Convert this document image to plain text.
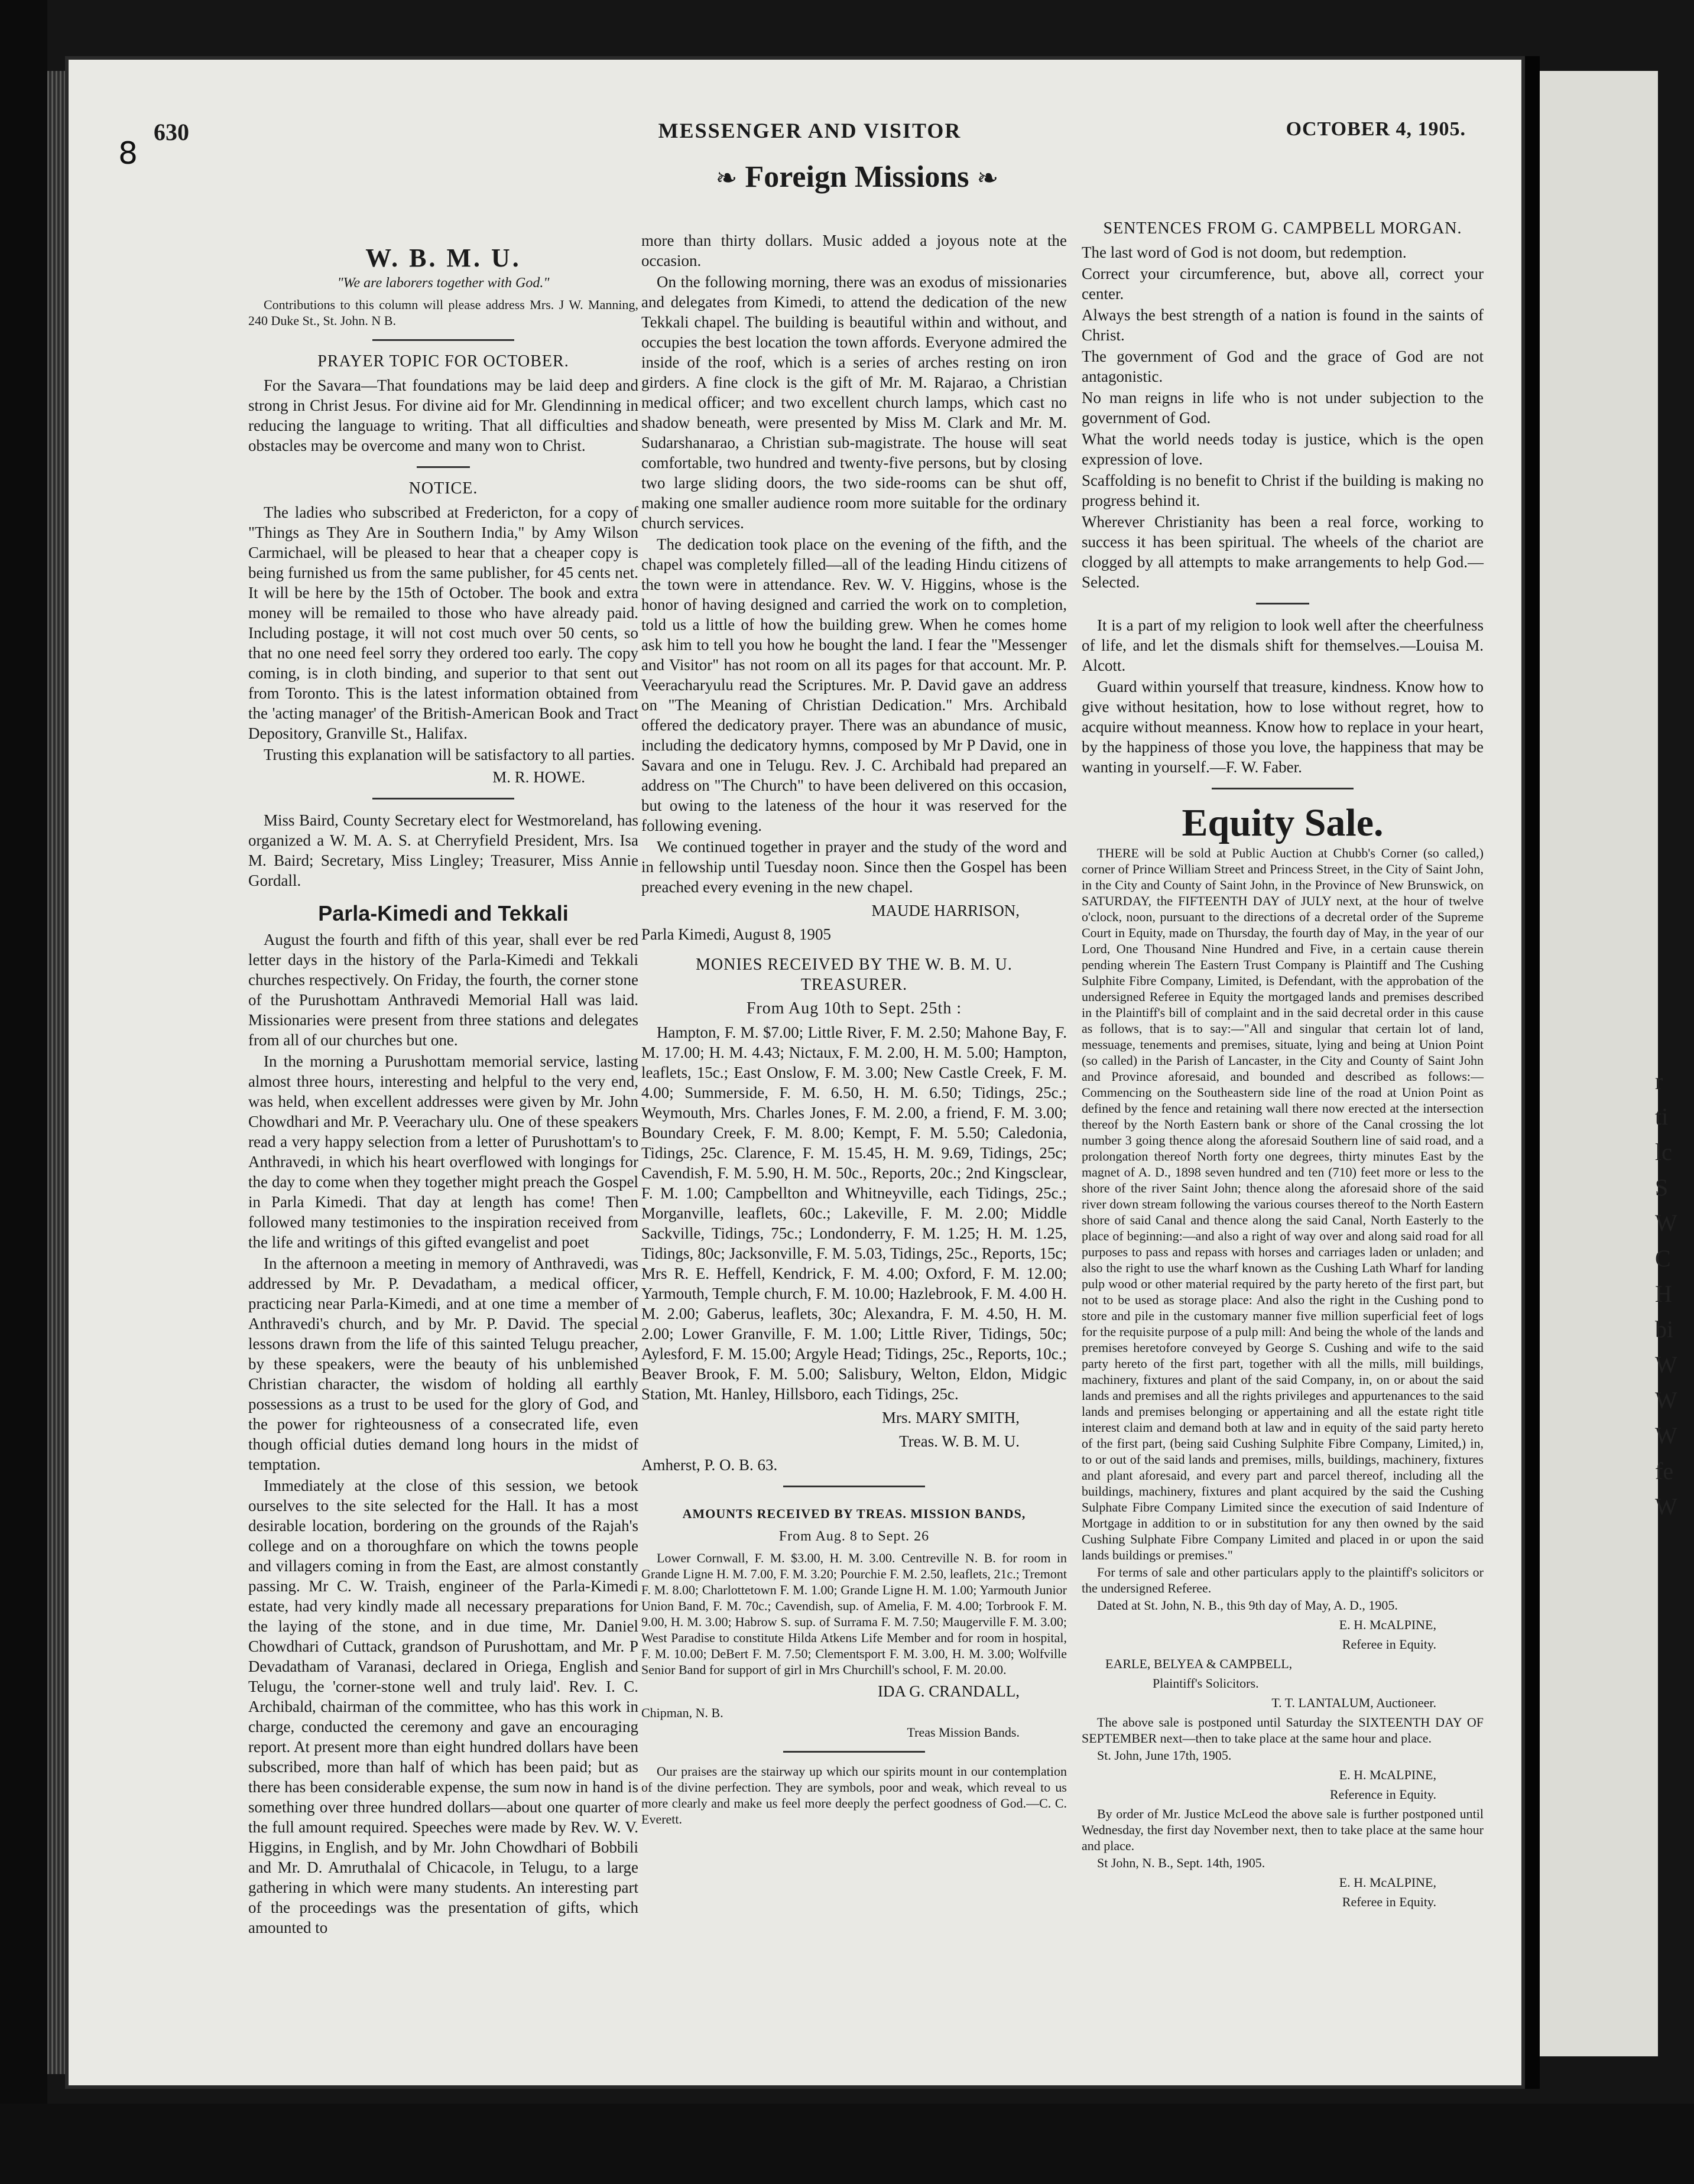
r
ti
lc
S
W
C
H
bi
W
W
W
fe
W
8
630	MESSENGER AND VISITOR	OCTOBER 4, 1905.
❧ Foreign Missions ❧
W. B. M. U.
"We are laborers together with God."

Contributions to this column will please address Mrs. J W. Manning, 240 Duke St., St. John. N B.

PRAYER TOPIC FOR OCTOBER.

For the Savara—That foundations may be laid deep and strong in Christ Jesus. For divine aid for Mr. Glendinning in reducing the language to writing. That all difficulties and obstacles may be overcome and many won to Christ.

NOTICE.

The ladies who subscribed at Fredericton, for a copy of "Things as They Are in Southern India," by Amy Wilson Carmichael, will be pleased to hear that a cheaper copy is being furnished us from the same publisher, for 45 cents net. It will be here by the 15th of October. The book and extra money will be remailed to those who have already paid. Including postage, it will not cost much over 50 cents, so that no one need feel sorry they ordered too early. The copy coming, is in cloth binding, and superior to that sent out from Toronto. This is the latest information obtained from the 'acting manager' of the British-American Book and Tract Depository, Granville St., Halifax.

Trusting this explanation will be satisfactory to all parties.

M. R. HOWE.

Miss Baird, County Secretary elect for Westmoreland, has organized a W. M. A. S. at Cherryfield President, Mrs. Isa M. Baird; Secretary, Miss Lingley; Treasurer, Miss Annie Gordall.

Parla-Kimedi and Tekkali

August the fourth and fifth of this year, shall ever be red letter days in the history of the Parla-Kimedi and Tekkali churches respectively. On Friday, the fourth, the corner stone of the Purushottam Anthravedi Memorial Hall was laid. Missionaries were present from three stations and delegates from all of our churches but one.

In the morning a Purushottam memorial service, lasting almost three hours, interesting and helpful to the very end, was held, when excellent addresses were given by Mr. John Chowdhari and Mr. P. Veerachary ulu. One of these speakers read a very happy selection from a letter of Purushottam's to Anthravedi, in which his heart overflowed with longings for the day to come when they together might preach the Gospel in Parla Kimedi. That day at length has come! Then followed many testimonies to the inspiration received from the life and writings of this gifted evangelist and poet

In the afternoon a meeting in memory of Anthravedi, was addressed by Mr. P. Devadatham, a medical officer, practicing near Parla-Kimedi, and at one time a member of Anthravedi's church, and by Mr. P. David. The special lessons drawn from the life of this sainted Telugu preacher, by these speakers, were the beauty of his unblemished Christian character, the wisdom of holding all earthly possessions as a trust to be used for the glory of God, and the power for righteousness of a consecrated life, even though official duties demand long hours in the midst of temptation.

Immediately at the close of this session, we betook ourselves to the site selected for the Hall. It has a most desirable location, bordering on the grounds of the Rajah's college and on a thoroughfare on which the towns people and villagers coming in from the East, are almost constantly passing. Mr C. W. Traish, engineer of the Parla-Kimedi estate, had very kindly made all necessary preparations for the laying of the stone, and in due time, Mr. Daniel Chowdhari of Cuttack, grandson of Purushottam, and Mr. P Devadatham of Varanasi, declared in Oriega, English and Telugu, the 'corner-stone well and truly laid'. Rev. I. C. Archibald, chairman of the committee, who has this work in charge, conducted the ceremony and gave an encouraging report. At present more than eight hundred dollars have been subscribed, more than half of which has been paid; but as there has been considerable expense, the sum now in hand is something over three hundred dollars—about one quarter of the full amount required. Speeches were made by Rev. W. V. Higgins, in English, and by Mr. John Chowdhari of Bobbili and Mr. D. Amruthalal of Chicacole, in Telugu, to a large gathering in which were many students. An interesting part of the proceedings was the presentation of gifts, which amounted to

more than thirty dollars. Music added a joyous note at the occasion.

On the following morning, there was an exodus of missionaries and delegates from Kimedi, to attend the dedication of the new Tekkali chapel. The building is beautiful within and without, and occupies the best location the town affords. Everyone admired the inside of the roof, which is a series of arches resting on iron girders. A fine clock is the gift of Mr. M. Rajarao, a Christian medical officer; and two excellent church lamps, which cast no shadow beneath, were presented by Miss M. Clark and Mr. M. Sudarshanarao, a Christian sub-magistrate. The house will seat comfortable, two hundred and twenty-five persons, but by closing two large sliding doors, the two side-rooms can be shut off, making one smaller audience room more suitable for the ordinary church services.

The dedication took place on the evening of the fifth, and the chapel was completely filled—all of the leading Hindu citizens of the town were in attendance. Rev. W. V. Higgins, whose is the honor of having designed and carried the work on to completion, told us a little of how the building grew. When he comes home ask him to tell you how he bought the land. I fear the "Messenger and Visitor" has not room on all its pages for that account. Mr. P. Veeracharyulu read the Scriptures. Mr. P. David gave an address on "The Meaning of Christian Dedication." Mrs. Archibald offered the dedicatory prayer. There was an abundance of music, including the dedicatory hymns, composed by Mr P David, one in Savara and one in Telugu. Rev. J. C. Archibald had prepared an address on "The Church" to have been delivered on this occasion, but owing to the lateness of the hour it was reserved for the following evening.

We continued together in prayer and the study of the word and in fellowship until Tuesday noon. Since then the Gospel has been preached every evening in the new chapel.

MAUDE HARRISON,
Parla Kimedi, August 8, 1905
MONIES RECEIVED BY THE W. B. M. U. TREASURER.
From Aug 10th to Sept. 25th :

Hampton, F. M. $7.00; Little River, F. M. 2.50; Mahone Bay, F. M. 17.00; H. M. 4.43; Nictaux, F. M. 2.00, H. M. 5.00; Hampton, leaflets, 15c.; East Onslow, F. M. 3.00; New Castle Creek, F. M. 4.00; Summerside, F. M. 6.50, H. M. 6.50; Tidings, 25c.; Weymouth, Mrs. Charles Jones, F. M. 2.00, a friend, F. M. 3.00; Boundary Creek, F. M. 8.00; Kempt, F. M. 5.50; Caledonia, Tidings, 25c. Clarence, F. M. 15.45, H. M. 9.69, Tidings, 25c; Cavendish, F. M. 5.90, H. M. 50c., Reports, 20c.; 2nd Kingsclear, F. M. 1.00; Campbellton and Whitneyville, each Tidings, 25c.; Morganville, leaflets, 60c.; Lakeville, F. M. 2.00; Middle Sackville, Tidings, 75c.; Londonderry, F. M. 1.25; H. M. 1.25, Tidings, 80c; Jacksonville, F. M. 5.03, Tidings, 25c., Reports, 15c; Mrs R. E. Heffell, Kendrick, F. M. 4.00; Oxford, F. M. 12.00; Yarmouth, Temple church, F. M. 10.00; Hazlebrook, F. M. 4.00 H. M. 2.00; Gaberus, leaflets, 30c; Alexandra, F. M. 4.50, H. M. 2.00; Lower Granville, F. M. 1.00; Little River, Tidings, 50c; Aylesford, F. M. 15.00; Argyle Head; Tidings, 25c., Reports, 10c.; Beaver Brook, F. M. 5.00; Salisbury, Welton, Eldon, Midgic Station, Mt. Hanley, Hillsboro, each Tidings, 25c.

Mrs. MARY SMITH,
Treas. W. B. M. U.
Amherst, P. O. B. 63.
AMOUNTS RECEIVED BY TREAS. MISSION BANDS,
From Aug. 8 to Sept. 26

Lower Cornwall, F. M. $3.00, H. M. 3.00. Centreville N. B. for room in Grande Ligne H. M. 7.00, F. M. 3.20; Pourchie F. M. 2.50, leaflets, 21c.; Tremont F. M. 8.00; Charlottetown F. M. 1.00; Grande Ligne H. M. 1.00; Yarmouth Junior Union Band, F. M. 70c.; Cavendish, sup. of Amelia, F. M. 4.00; Torbrook F. M. 9.00, H. M. 3.00; Habrow S. sup. of Surrama F. M. 7.50; Maugerville F. M. 3.00; West Paradise to constitute Hilda Atkens Life Member and for room in hospital, F. M. 10.00; DeBert F. M. 7.50; Clementsport F. M. 3.00, H. M. 3.00; Wolfville Senior Band for support of girl in Mrs Churchill's school, F. M. 20.00.

IDA G. CRANDALL,
Chipman, N. B.
Treas Mission Bands.

Our praises are the stairway up which our spirits mount in our contemplation of the divine perfection. They are symbols, poor and weak, which reveal to us more clearly and make us feel more deeply the perfect goodness of God.—C. C. Everett.

SENTENCES FROM G. CAMPBELL MORGAN.

The last word of God is not doom, but redemption.

Correct your circumference, but, above all, correct your center.

Always the best strength of a nation is found in the saints of Christ.

The government of God and the grace of God are not antagonistic.

No man reigns in life who is not under subjection to the government of God.

What the world needs today is justice, which is the open expression of love.

Scaffolding is no benefit to Christ if the building is making no progress behind it.

Wherever Christianity has been a real force, working to success it has been spiritual. The wheels of the chariot are clogged by all attempts to make arrangements to help God.—Selected.

It is a part of my religion to look well after the cheerfulness of life, and let the dismals shift for themselves.—Louisa M. Alcott.

Guard within yourself that treasure, kindness. Know how to give without hesitation, how to lose without regret, how to acquire without meanness. Know how to replace in your heart, by the happiness of those you love, the happiness that may be wanting in yourself.—F. W. Faber.

Equity Sale.

THERE will be sold at Public Auction at Chubb's Corner (so called,) corner of Prince William Street and Princess Street, in the City of Saint John, in the City and County of Saint John, in the Province of New Brunswick, on SATURDAY, the FIFTEENTH DAY of JULY next, at the hour of twelve o'clock, noon, pursuant to the directions of a decretal order of the Supreme Court in Equity, made on Thursday, the fourth day of May, in the year of our Lord, One Thousand Nine Hundred and Five, in a certain cause therein pending wherein The Eastern Trust Company is Plaintiff and The Cushing Sulphite Fibre Company, Limited, is Defendant, with the approbation of the undersigned Referee in Equity the mortgaged lands and premises described in the Plaintiff's bill of complaint and in the said decretal order in this cause as follows, that is to say:—"All and singular that certain lot of land, messuage, tenements and premises, situate, lying and being at Union Point (so called) in the Parish of Lancaster, in the City and County of Saint John and Province aforesaid, and bounded and described as follows:—Commencing on the Southeastern side line of the road at Union Point as defined by the fence and retaining wall there now erected at the intersection thereof by the North Eastern bank or shore of the Canal crossing the lot number 3 going thence along the aforesaid Southern line of said road, and a prolongation thereof North forty one degrees, thirty minutes East by the magnet of A. D., 1898 seven hundred and ten (710) feet more or less to the shore of the river Saint John; thence along the aforesaid shore of the said river down stream following the various courses thereof to the North Eastern shore of said Canal and thence along the said Canal, North Easterly to the place of beginning:—and also a right of way over and along said road for all purposes to pass and repass with horses and carriages laden or unladen; and also the right to use the wharf known as the Cushing Lath Wharf for landing pulp wood or other material required by the party hereto of the first part, but not to be used as storage place: And also the right in the Cushing pond to store and pile in the customary manner five million superficial feet of logs for the requisite purpose of a pulp mill: And being the whole of the lands and premises heretofore conveyed by George S. Cushing and wife to the said party hereto of the first part, together with all the mills, mill buildings, machinery, fixtures and plant of the said Company, in, on or about the said lands and premises and all the rights privileges and appurtenances to the said lands and premises belonging or appertaining and all the estate right title interest claim and demand both at law and in equity of the said party hereto of the first part, (being said Cushing Sulphite Fibre Company, Limited,) in, to or out of the said lands and premises, mills, buildings, machinery, fixtures and plant aforesaid, and every part and parcel thereof, including all the buildings, machinery, fixtures and plant acquired by the said the Cushing Sulphate Fibre Company Limited since the execution of said Indenture of Mortgage in addition to or in substitution for any then owned by the said Cushing Sulphate Fibre Company Limited and placed in or upon the said lands buildings or premises."

For terms of sale and other particulars apply to the plaintiff's solicitors or the undersigned Referee.

Dated at St. John, N. B., this 9th day of May, A. D., 1905.

E. H. McALPINE,
Referee in Equity.
EARLE, BELYEA & CAMPBELL,
Plaintiff's Solicitors.
T. T. LANTALUM, Auctioneer.

The above sale is postponed until Saturday the SIXTEENTH DAY OF SEPTEMBER next—then to take place at the same hour and place.

St. John, June 17th, 1905.

E. H. McALPINE,
Reference in Equity.

By order of Mr. Justice McLeod the above sale is further postponed until Wednesday, the first day November next, then to take place at the same hour and place.

St John, N. B., Sept. 14th, 1905.

E. H. McALPINE,
Referee in Equity.
